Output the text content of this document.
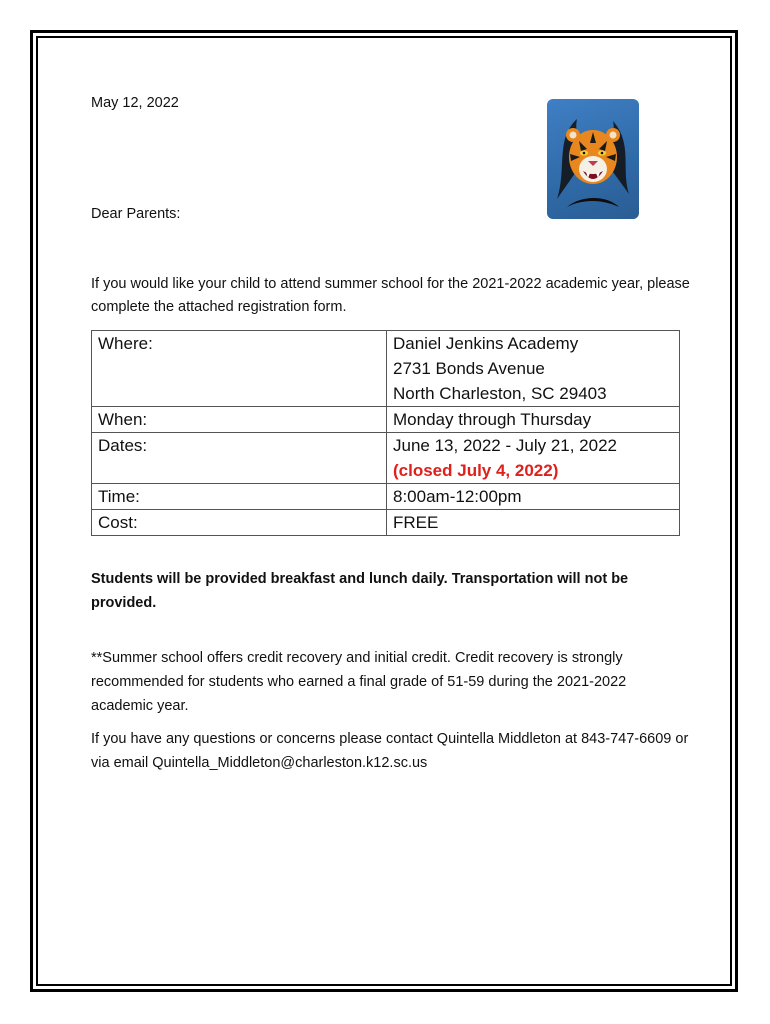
May 12, 2022
Dear Parents:
If you would like your child to attend summer school for the 2021-2022 academic year, please complete the attached registration form.
Where:	Daniel Jenkins Academy
2731 Bonds Avenue
North Charleston, SC 29403

When:	Monday through Thursday
Dates:	June 13, 2022 - July 21, 2022
(closed July 4, 2022)

Time:	8:00am-12:00pm
Cost:	FREE
Students will be provided breakfast and lunch daily. Transportation will not be provided.
**Summer school offers credit recovery and initial credit. Credit recovery is strongly recommended for students who earned a final grade of 51-59 during the 2021-2022 academic year.
If you have any questions or concerns please contact Quintella Middleton at 843-747-6609 or via email Quintella_Middleton@charleston.k12.sc.us
